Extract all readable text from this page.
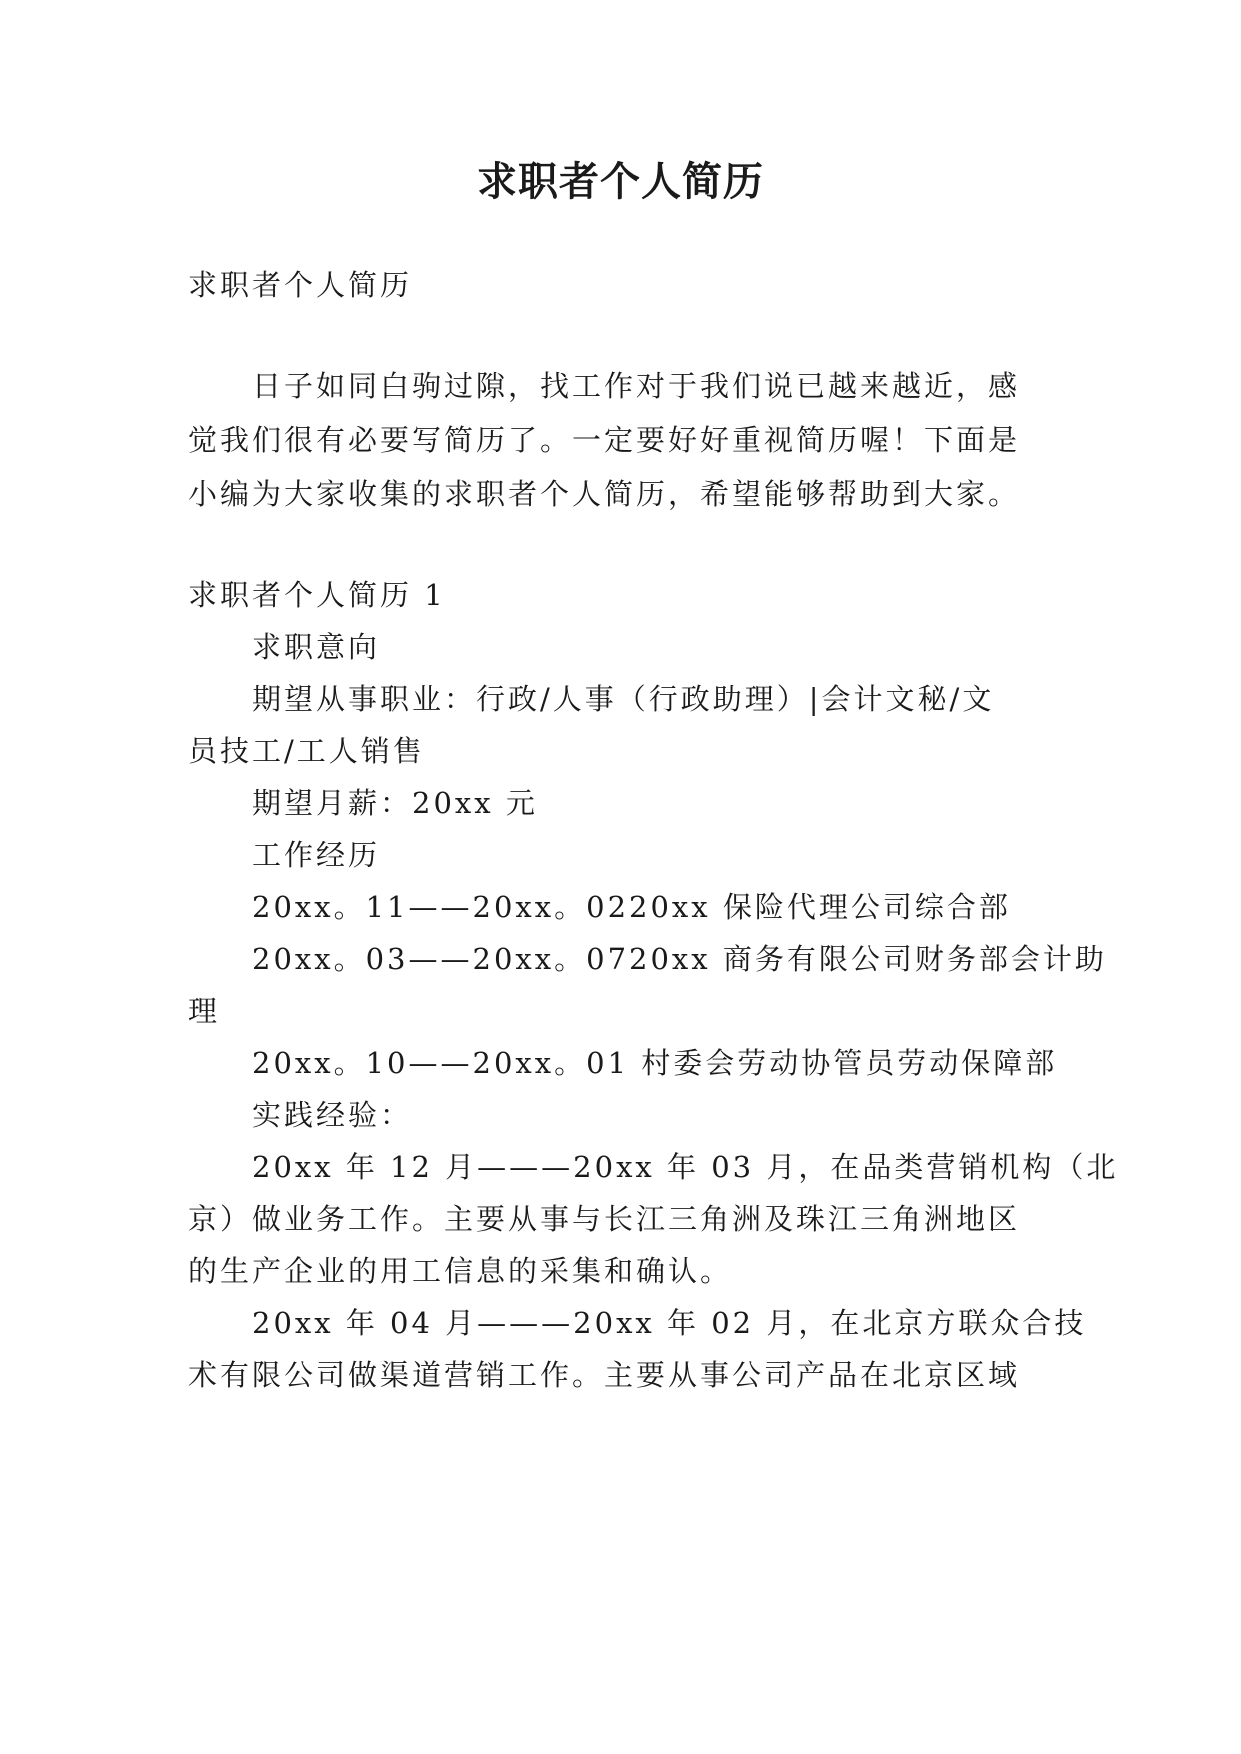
求职者个人简历
求职者个人简历
日子如同白驹过隙，找工作对于我们说已越来越近，感
觉我们很有必要写简历了。一定要好好重视简历喔！下面是
小编为大家收集的求职者个人简历，希望能够帮助到大家。
求职者个人简历 1
求职意向
期望从事职业：行政/人事（行政助理）|会计文秘/文
员技工/工人销售
期望月薪：20xx 元
工作经历
20xx。11——20xx。0220xx 保险代理公司综合部
20xx。03——20xx。0720xx 商务有限公司财务部会计助
理
20xx。10——20xx。01 村委会劳动协管员劳动保障部
实践经验：
20xx 年 12 月———20xx 年 03 月，在品类营销机构（北
京）做业务工作。主要从事与长江三角洲及珠江三角洲地区
的生产企业的用工信息的采集和确认。
20xx 年 04 月———20xx 年 02 月，在北京方联众合技
术有限公司做渠道营销工作。主要从事公司产品在北京区域
